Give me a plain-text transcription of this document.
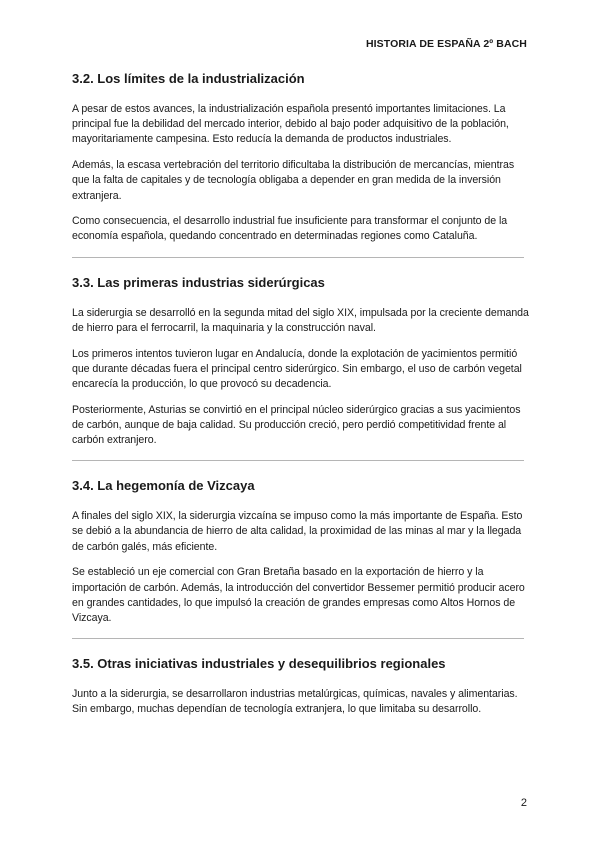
HISTORIA DE ESPAÑA 2º BACH
3.2. Los límites de la industrialización

A pesar de estos avances, la industrialización española presentó importantes limitaciones. La principal fue la debilidad del mercado interior, debido al bajo poder adquisitivo de la población, mayoritariamente campesina. Esto reducía la demanda de productos industriales.

Además, la escasa vertebración del territorio dificultaba la distribución de mercancías, mientras que la falta de capitales y de tecnología obligaba a depender en gran medida de la inversión extranjera.

Como consecuencia, el desarrollo industrial fue insuficiente para transformar el conjunto de la economía española, quedando concentrado en determinadas regiones como Cataluña.

3.3. Las primeras industrias siderúrgicas

La siderurgia se desarrolló en la segunda mitad del siglo XIX, impulsada por la creciente demanda de hierro para el ferrocarril, la maquinaria y la construcción naval.

Los primeros intentos tuvieron lugar en Andalucía, donde la explotación de yacimientos permitió que durante décadas fuera el principal centro siderúrgico. Sin embargo, el uso de carbón vegetal encarecía la producción, lo que provocó su decadencia.

Posteriormente, Asturias se convirtió en el principal núcleo siderúrgico gracias a sus yacimientos de carbón, aunque de baja calidad. Su producción creció, pero perdió competitividad frente al carbón extranjero.

3.4. La hegemonía de Vizcaya

A finales del siglo XIX, la siderurgia vizcaína se impuso como la más importante de España. Esto se debió a la abundancia de hierro de alta calidad, la proximidad de las minas al mar y la llegada de carbón galés, más eficiente.

Se estableció un eje comercial con Gran Bretaña basado en la exportación de hierro y la importación de carbón. Además, la introducción del convertidor Bessemer permitió producir acero en grandes cantidades, lo que impulsó la creación de grandes empresas como Altos Hornos de Vizcaya.

3.5. Otras iniciativas industriales y desequilibrios regionales

Junto a la siderurgia, se desarrollaron industrias metalúrgicas, químicas, navales y alimentarias. Sin embargo, muchas dependían de tecnología extranjera, lo que limitaba su desarrollo.

2
